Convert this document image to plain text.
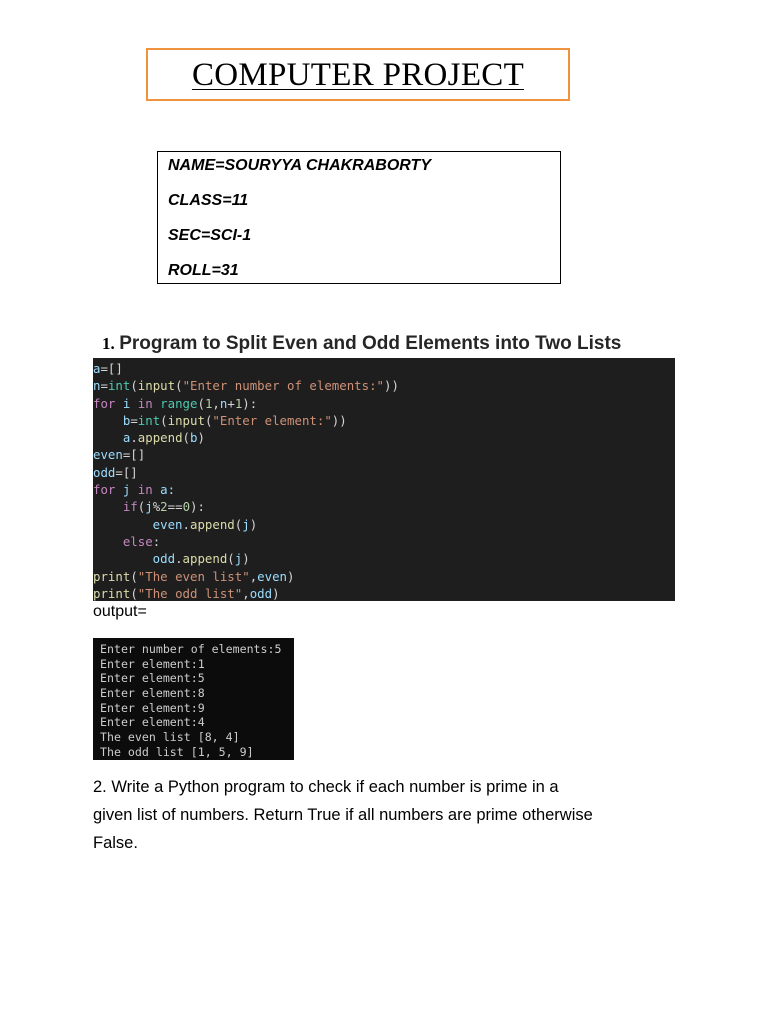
COMPUTER PROJECT
NAME=SOURYYA CHAKRABORTY
CLASS=11
SEC=SCI-1
ROLL=31
1. Program to Split Even and Odd Elements into Two Lists
a=[]
n=int(input("Enter number of elements:"))
for i in range(1,n+1):
b=int(input("Enter element:"))
a.append(b)
even=[]
odd=[]
for j in a:
if(j%2==0):
even.append(j)
else:
odd.append(j)
print("The even list",even)
print("The odd list",odd)
output=
Enter number of elements:5
Enter element:1
Enter element:5
Enter element:8
Enter element:9
Enter element:4
The even list [8, 4]
The odd list [1, 5, 9]
2. Write a Python program to check if each number is prime in a
given list of numbers. Return True if all numbers are prime otherwise
False.
